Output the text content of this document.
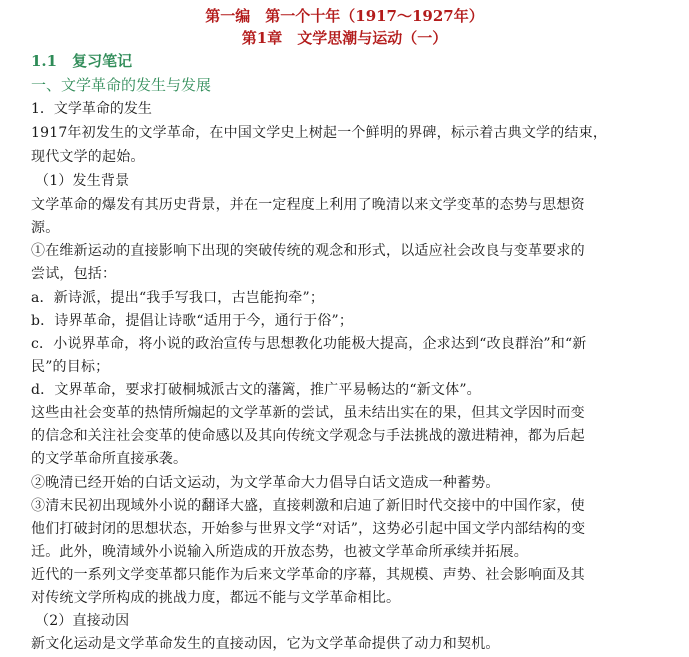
第一编　第一个十年（1917～1927年）

第1章　文学思潮与运动（一）

1.1　复习笔记
一、文学革命的发生与发展
1．文学革命的发生

1917年初发生的文学革命，在中国文学史上树起一个鲜明的界碑，标示着古典文学的结束，

现代文学的起始。

（1）发生背景

文学革命的爆发有其历史背景，并在一定程度上利用了晚清以来文学变革的态势与思想资

源。

①在维新运动的直接影响下出现的突破传统的观念和形式，以适应社会改良与变革要求的

尝试，包括：

a．新诗派，提出“我手写我口，古岂能拘牵”；

b．诗界革命，提倡让诗歌“适用于今，通行于俗”；

c．小说界革命，将小说的政治宣传与思想教化功能极大提高，企求达到“改良群治”和“新

民”的目标；

d．文界革命，要求打破桐城派古文的藩篱，推广平易畅达的“新文体”。

这些由社会变革的热情所煽起的文学革新的尝试，虽未结出实在的果，但其文学因时而变

的信念和关注社会变革的使命感以及其向传统文学观念与手法挑战的激进精神，都为后起

的文学革命所直接承袭。

②晚清已经开始的白话文运动，为文学革命大力倡导白话文造成一种蓄势。

③清末民初出现域外小说的翻译大盛，直接刺激和启迪了新旧时代交接中的中国作家，使

他们打破封闭的思想状态，开始参与世界文学“对话”，这势必引起中国文学内部结构的变

迁。此外，晚清域外小说输入所造成的开放态势，也被文学革命所承续并拓展。

近代的一系列文学变革都只能作为后来文学革命的序幕，其规模、声势、社会影响面及其

对传统文学所构成的挑战力度，都远不能与文学革命相比。

（2）直接动因

新文化运动是文学革命发生的直接动因，它为文学革命提供了动力和契机。
